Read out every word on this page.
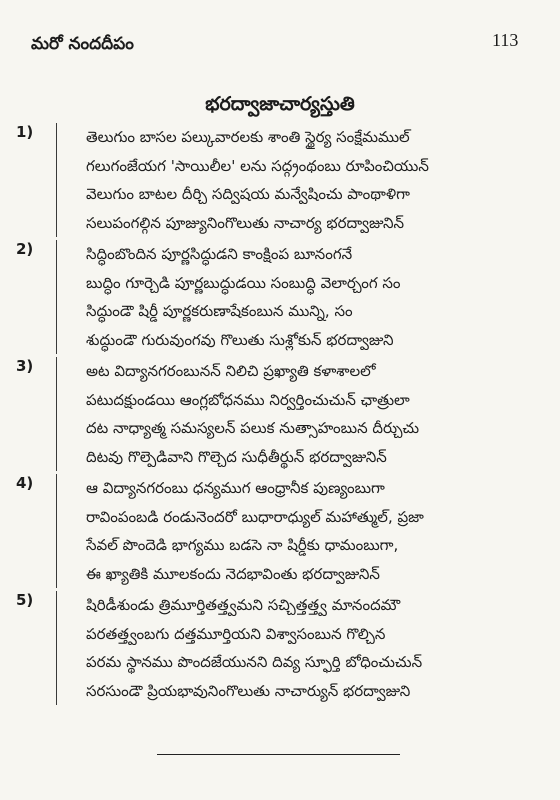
మరో నందదీపం	113
భరద్వాజాచార్యస్తుతి
1)	తెలుగుం బాసల పల్కువారలకు శాంతి స్థైర్య సంక్షేమముల్
గలుగంజేయగ 'సాయిలీల' లను సద్గ్రంథంబు రూపించియున్
వెలుగుం బాటల దీర్చి సద్విషయ మన్వేషించు పాంథాళిగా
సలుపంగల్గిన పూజ్యునింగొలుతు నాచార్య భరద్వాజునిన్
2)	సిద్ధింబొందిన పూర్ణసిద్ధుడని కాంక్షింప బూనంగనే
బుద్ధిం గూర్చెడి పూర్ణబుద్ధుడయి సంబుద్ధి వెలార్చంగ సం
సిద్ధుండౌ షిర్డీ పూర్ణకరుణాషేకంబున మున్ని, సం
శుద్ధుండౌ గురువుంగవు గొలుతు సుశ్లోకున్ భరద్వాజుని
3)	అట విద్యానగరంబునన్ నిలిచి ప్రఖ్యాతి కళాశాలలో
పటుదక్షుండయి ఆంగ్లబోధనము నిర్వర్తించుచున్ ఛాత్రులా
దట నాధ్యాత్మ సమస్యలన్ పలుక నుత్సాహంబున దీర్చుచు
దిటవు గొల్పెడివాని గొల్చెద సుధీతీర్థున్ భరద్వాజునిన్
4)	ఆ విద్యానగరంబు ధన్యముగ ఆంధ్రానీక పుణ్యంబుగా
రావింపంబడి రండునెందరో బుధారాధ్యుల్ మహాత్ముల్, ప్రజా
సేవల్ పొందెడి భాగ్యము బడసె నా షిర్డీకు ధామంబుగా,
ఈ ఖ్యాతికి మూలకందు నెదభావింతు భరద్వాజునిన్
5)	షిరిడీశుండు త్రిమూర్తితత్త్వమని సచ్చిత్తత్త్వ మానందమౌ
పరతత్త్వంబగు దత్తమూర్తియని విశ్వాసంబున గొల్చిన
పరమ స్థానము పొందజేయునని దివ్య స్ఫూర్తి బోధించుచున్
సరసుండౌ ప్రియభావునింగొలుతు నాచార్యున్ భరద్వాజుని
